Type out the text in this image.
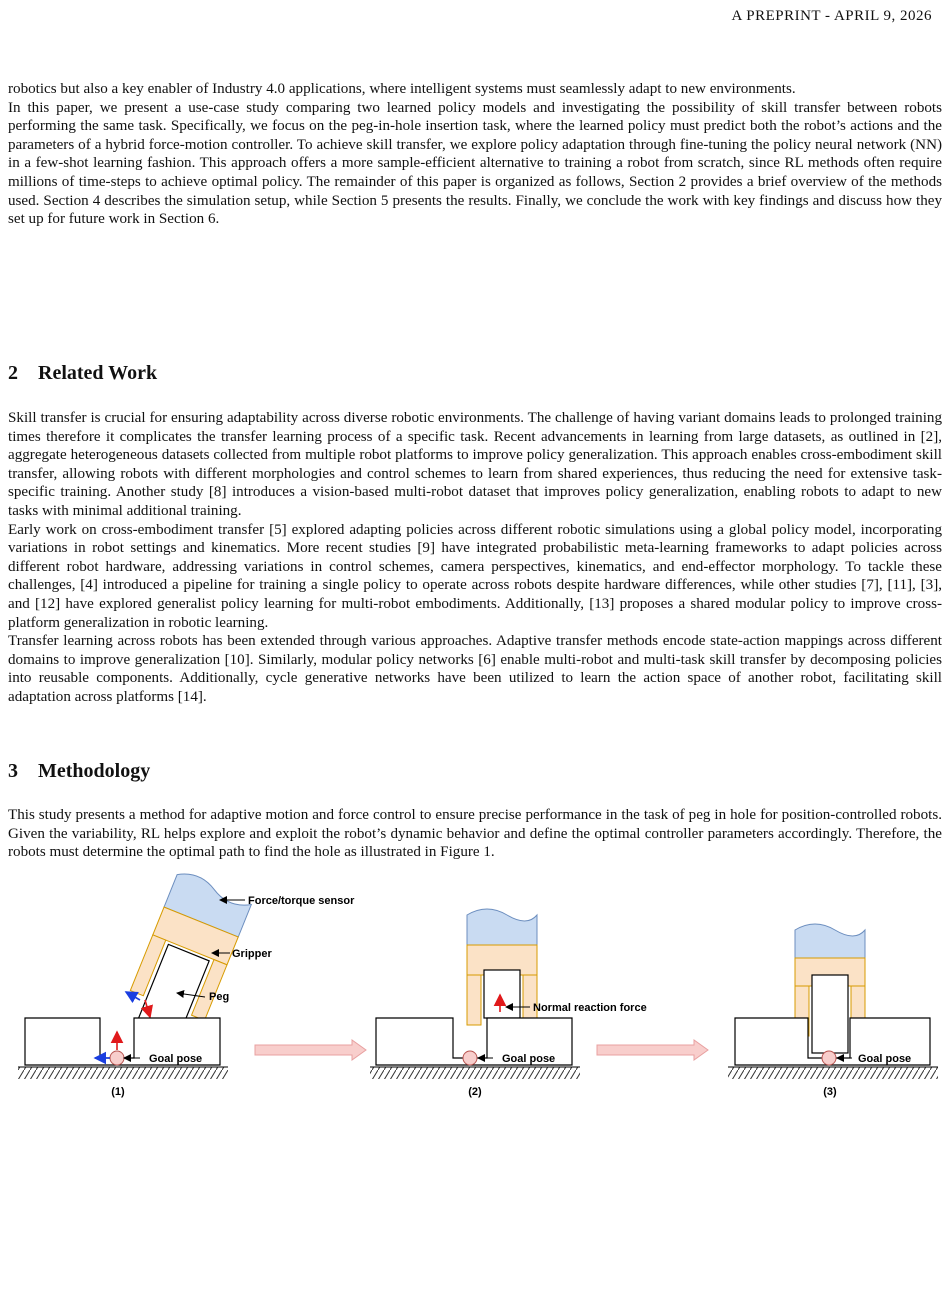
A PREPRINT - APRIL 9, 2026

robotics but also a key enabler of Industry 4.0 applications, where intelligent systems must seamlessly adapt to new environments.

In this paper, we present a use-case study comparing two learned policy models and investigating the possibility of skill transfer between robots performing the same task. Specifically, we focus on the peg-in-hole insertion task, where the learned policy must predict both the robot’s actions and the parameters of a hybrid force-motion controller. To achieve skill transfer, we explore policy adaptation through fine-tuning the policy neural network (NN) in a few-shot learning fashion. This approach offers a more sample-efficient alternative to training a robot from scratch, since RL methods often require millions of time-steps to achieve optimal policy. The remainder of this paper is organized as follows, Section 2 provides a brief overview of the methods used. Section 4 describes the simulation setup, while Section 5 presents the results. Finally, we conclude the work with key findings and discuss how they set up for future work in Section 6.

2 Related Work

Skill transfer is crucial for ensuring adaptability across diverse robotic environments. The challenge of having variant domains leads to prolonged training times therefore it complicates the transfer learning process of a specific task. Recent advancements in learning from large datasets, as outlined in [2], aggregate heterogeneous datasets collected from multiple robot platforms to improve policy generalization. This approach enables cross-embodiment skill transfer, allowing robots with different morphologies and control schemes to learn from shared experiences, thus reducing the need for extensive task-specific training. Another study [8] introduces a vision-based multi-robot dataset that improves policy generalization, enabling robots to adapt to new tasks with minimal additional training.

Early work on cross-embodiment transfer [5] explored adapting policies across different robotic simulations using a global policy model, incorporating variations in robot settings and kinematics. More recent studies [9] have integrated probabilistic meta-learning frameworks to adapt policies across different robot hardware, addressing variations in control schemes, camera perspectives, kinematics, and end-effector morphology. To tackle these challenges, [4] introduced a pipeline for training a single policy to operate across robots despite hardware differences, while other studies [7], [11], [3], and [12] have explored generalist policy learning for multi-robot embodiments. Additionally, [13] proposes a shared modular policy to improve cross-platform generalization in robotic learning.

Transfer learning across robots has been extended through various approaches. Adaptive transfer methods encode state-action mappings across different domains to improve generalization [10]. Similarly, modular policy networks [6] enable multi-robot and multi-task skill transfer by decomposing policies into reusable components. Additionally, cycle generative networks have been utilized to learn the action space of another robot, facilitating skill adaptation across platforms [14].

3 Methodology

This study presents a method for adaptive motion and force control to ensure precise performance in the task of peg in hole for position-controlled robots. Given the variability, RL helps explore and exploit the robot’s dynamic behavior and define the optimal controller parameters accordingly. Therefore, the robots must determine the optimal path to find the hole as illustrated in Figure 1.

Force/torque sensor
Gripper
Peg
Goal pose
(1)
Normal reaction force
Goal pose
(2)
Goal pose
(3)
